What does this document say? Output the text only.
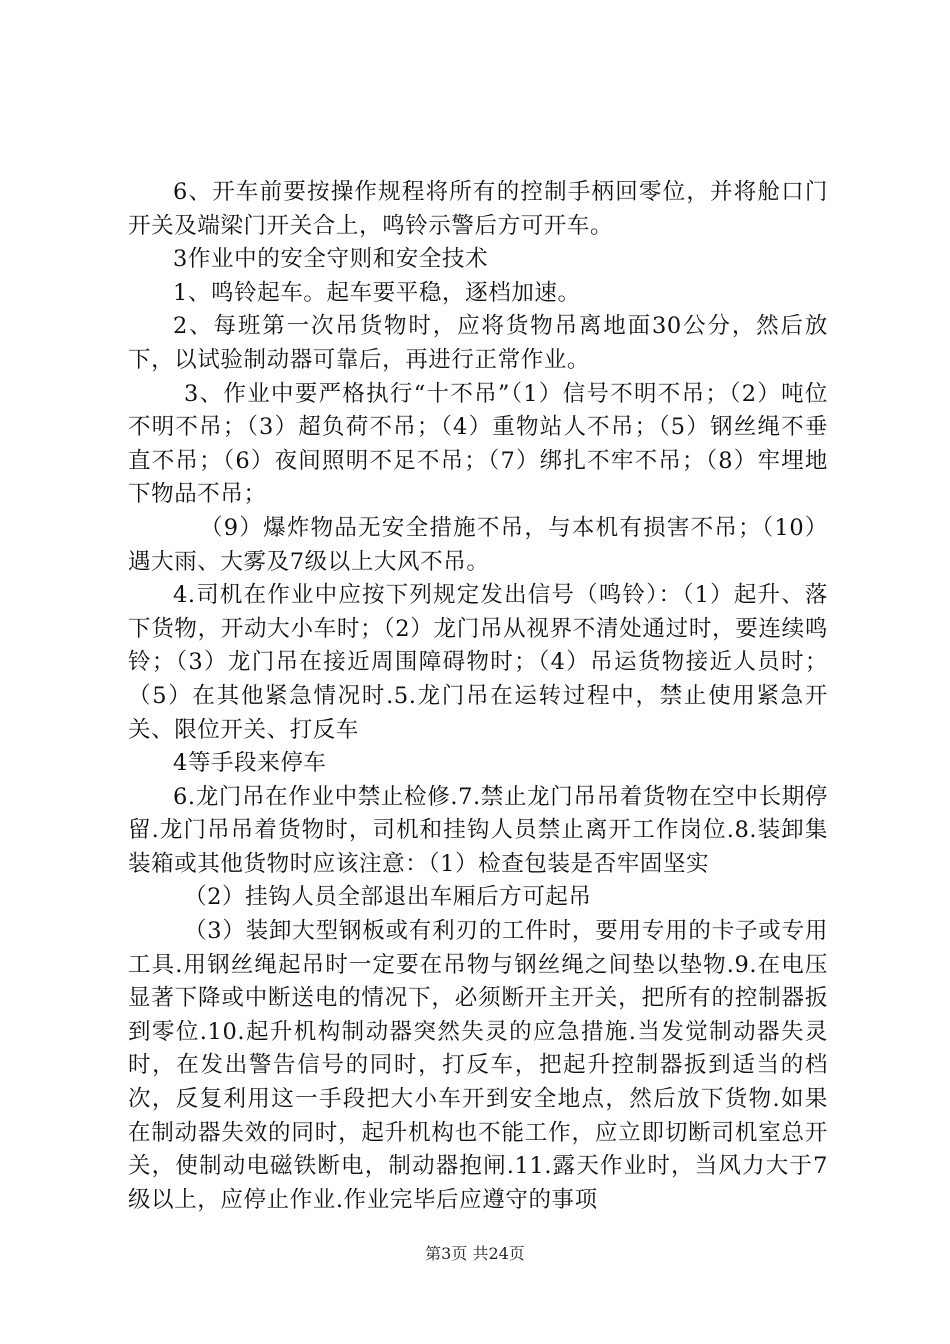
6、开车前要按操作规程将所有的控制手柄回零位，并将舱口门开关及端梁门开关合上，鸣铃示警后方可开车。

3作业中的安全守则和安全技术

1、鸣铃起车。起车要平稳，逐档加速。

2、每班第一次吊货物时，应将货物吊离地面30公分，然后放下，以试验制动器可靠后，再进行正常作业。

3、作业中要严格执行“十不吊”（1）信号不明不吊；（2）吨位不明不吊；（3）超负荷不吊；（4）重物站人不吊；（5）钢丝绳不垂直不吊；（6）夜间照明不足不吊；（7）绑扎不牢不吊；（8）牢埋地下物品不吊；

（9）爆炸物品无安全措施不吊，与本机有损害不吊；（10）遇大雨、大雾及7级以上大风不吊。

4.司机在作业中应按下列规定发出信号（鸣铃）：（1）起升、落下货物，开动大小车时；（2）龙门吊从视界不清处通过时，要连续鸣铃；（3）龙门吊在接近周围障碍物时；（4）吊运货物接近人员时；（5）在其他紧急情况时.5.龙门吊在运转过程中，禁止使用紧急开关、限位开关、打反车

4等手段来停车

6.龙门吊在作业中禁止检修.7.禁止龙门吊吊着货物在空中长期停留.龙门吊吊着货物时，司机和挂钩人员禁止离开工作岗位.8.装卸集装箱或其他货物时应该注意：（1）检查包装是否牢固坚实

（2）挂钩人员全部退出车厢后方可起吊

（3）装卸大型钢板或有利刃的工件时，要用专用的卡子或专用工具.用钢丝绳起吊时一定要在吊物与钢丝绳之间垫以垫物.9.在电压显著下降或中断送电的情况下，必须断开主开关，把所有的控制器扳到零位.10.起升机构制动器突然失灵的应急措施.当发觉制动器失灵时，在发出警告信号的同时，打反车，把起升控制器扳到适当的档次，反复利用这一手段把大小车开到安全地点，然后放下货物.如果在制动器失效的同时，起升机构也不能工作，应立即切断司机室总开关，使制动电磁铁断电，制动器抱闸.11.露天作业时，当风力大于7级以上，应停止作业.作业完毕后应遵守的事项

第3页 共24页
